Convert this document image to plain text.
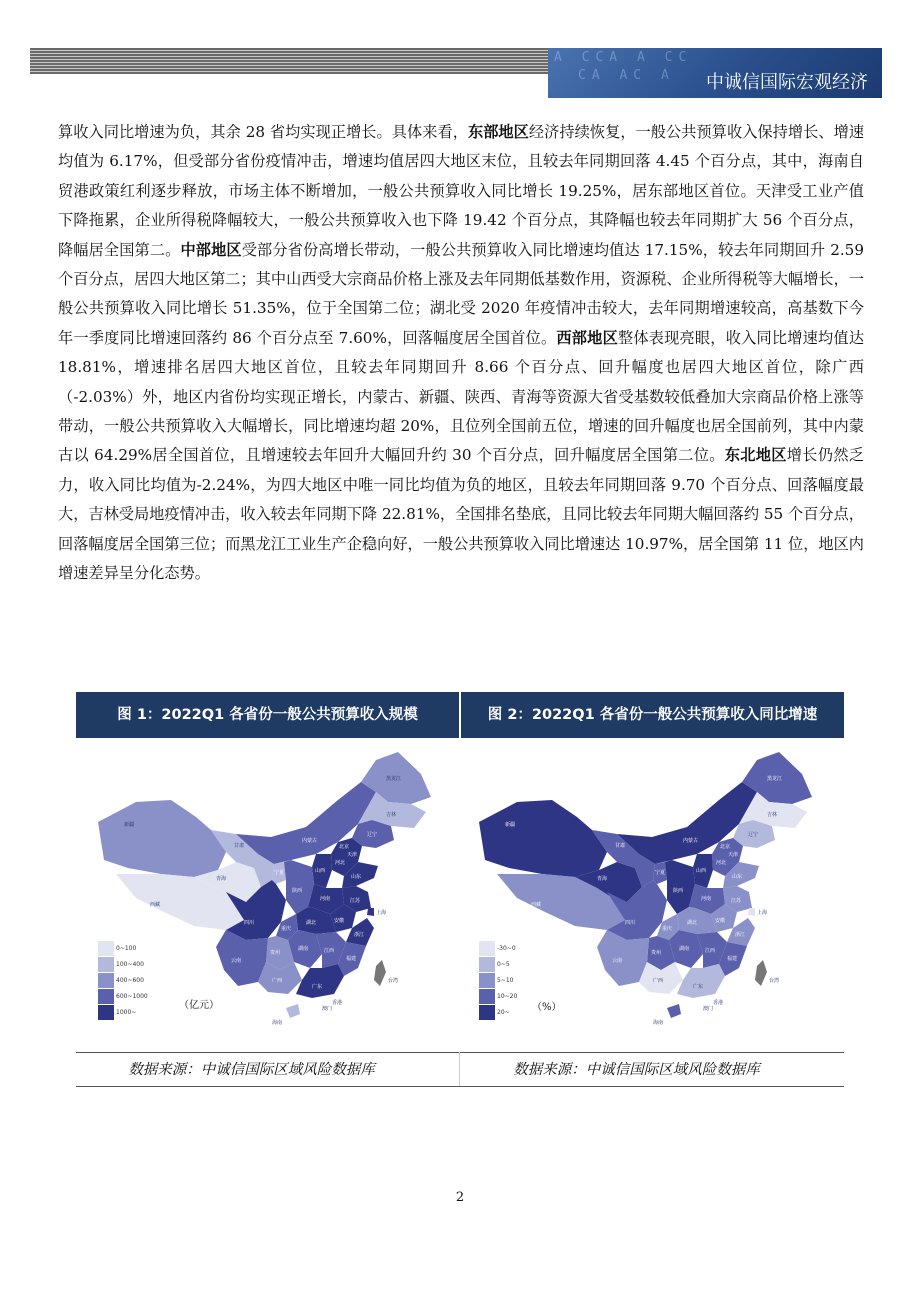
A CCA A CC
CA AC A 中诚信国际宏观经济
算收入同比增速为负，其余 28 省均实现正增长。具体来看，东部地区经济持续恢复，一般公共预算收入保持增长、增速均值为 6.17%，但受部分省份疫情冲击，增速均值居四大地区末位，且较去年同期回落 4.45 个百分点，其中，海南自贸港政策红利逐步释放，市场主体不断增加，一般公共预算收入同比增长 19.25%，居东部地区首位。天津受工业产值下降拖累，企业所得税降幅较大，一般公共预算收入也下降 19.42 个百分点，其降幅也较去年同期扩大 56 个百分点，降幅居全国第二。中部地区受部分省份高增长带动，一般公共预算收入同比增速均值达 17.15%，较去年同期回升 2.59 个百分点，居四大地区第二；其中山西受大宗商品价格上涨及去年同期低基数作用，资源税、企业所得税等大幅增长，一般公共预算收入同比增长 51.35%，位于全国第二位；湖北受 2020 年疫情冲击较大，去年同期增速较高，高基数下今年一季度同比增速回落约 86 个百分点至 7.60%，回落幅度居全国首位。西部地区整体表现亮眼，收入同比增速均值达 18.81%，增速排名居四大地区首位，且较去年同期回升 8.66 个百分点、回升幅度也居四大地区首位，除广西（-2.03%）外，地区内省份均实现正增长，内蒙古、新疆、陕西、青海等资源大省受基数较低叠加大宗商品价格上涨等带动，一般公共预算收入大幅增长，同比增速均超 20%，且位列全国前五位，增速的回升幅度也居全国前列，其中内蒙古以 64.29%居全国首位，且增速较去年回升大幅回升约 30 个百分点，回升幅度居全国第二位。东北地区增长仍然乏力，收入同比均值为-2.24%，为四大地区中唯一同比均值为负的地区，且较去年同期回落 9.70 个百分点、回落幅度最大，吉林受局地疫情冲击，收入较去年同期下降 22.81%，全国排名垫底，且同比较去年同期大幅回落约 55 个百分点，回落幅度居全国第三位；而黑龙江工业生产企稳向好，一般公共预算收入同比增速达 10.97%，居全国第 11 位，地区内增速差异呈分化态势。
图 1：2022Q1 各省份一般公共预算收入规模	图 2：2022Q1 各省份一般公共预算收入同比增速
新疆
西藏
青海
甘肃
宁夏
内蒙古
黑龙江
吉林
辽宁
北京
天津
河北
山西
陕西
四川
重庆
云南
贵州
广西
广东
湖南
湖北
河南
山东
江苏
安徽
上海
浙江
江西
福建
台湾
香港
澳门
海南
0~100
100~400
400~600
600~1000
1000~
（亿元）
新疆
西藏
青海
甘肃
宁夏
内蒙古
黑龙江
吉林
辽宁
北京
天津
河北
山西
陕西
四川
重庆
云南
贵州
广西
广东
湖南
湖北
河南
山东
江苏
安徽
上海
浙江
江西
福建
台湾
香港
澳门
海南
-30~0
0~5
5~10
10~20
20~ （%）
数据来源：中诚信国际区域风险数据库	数据来源：中诚信国际区域风险数据库
2
